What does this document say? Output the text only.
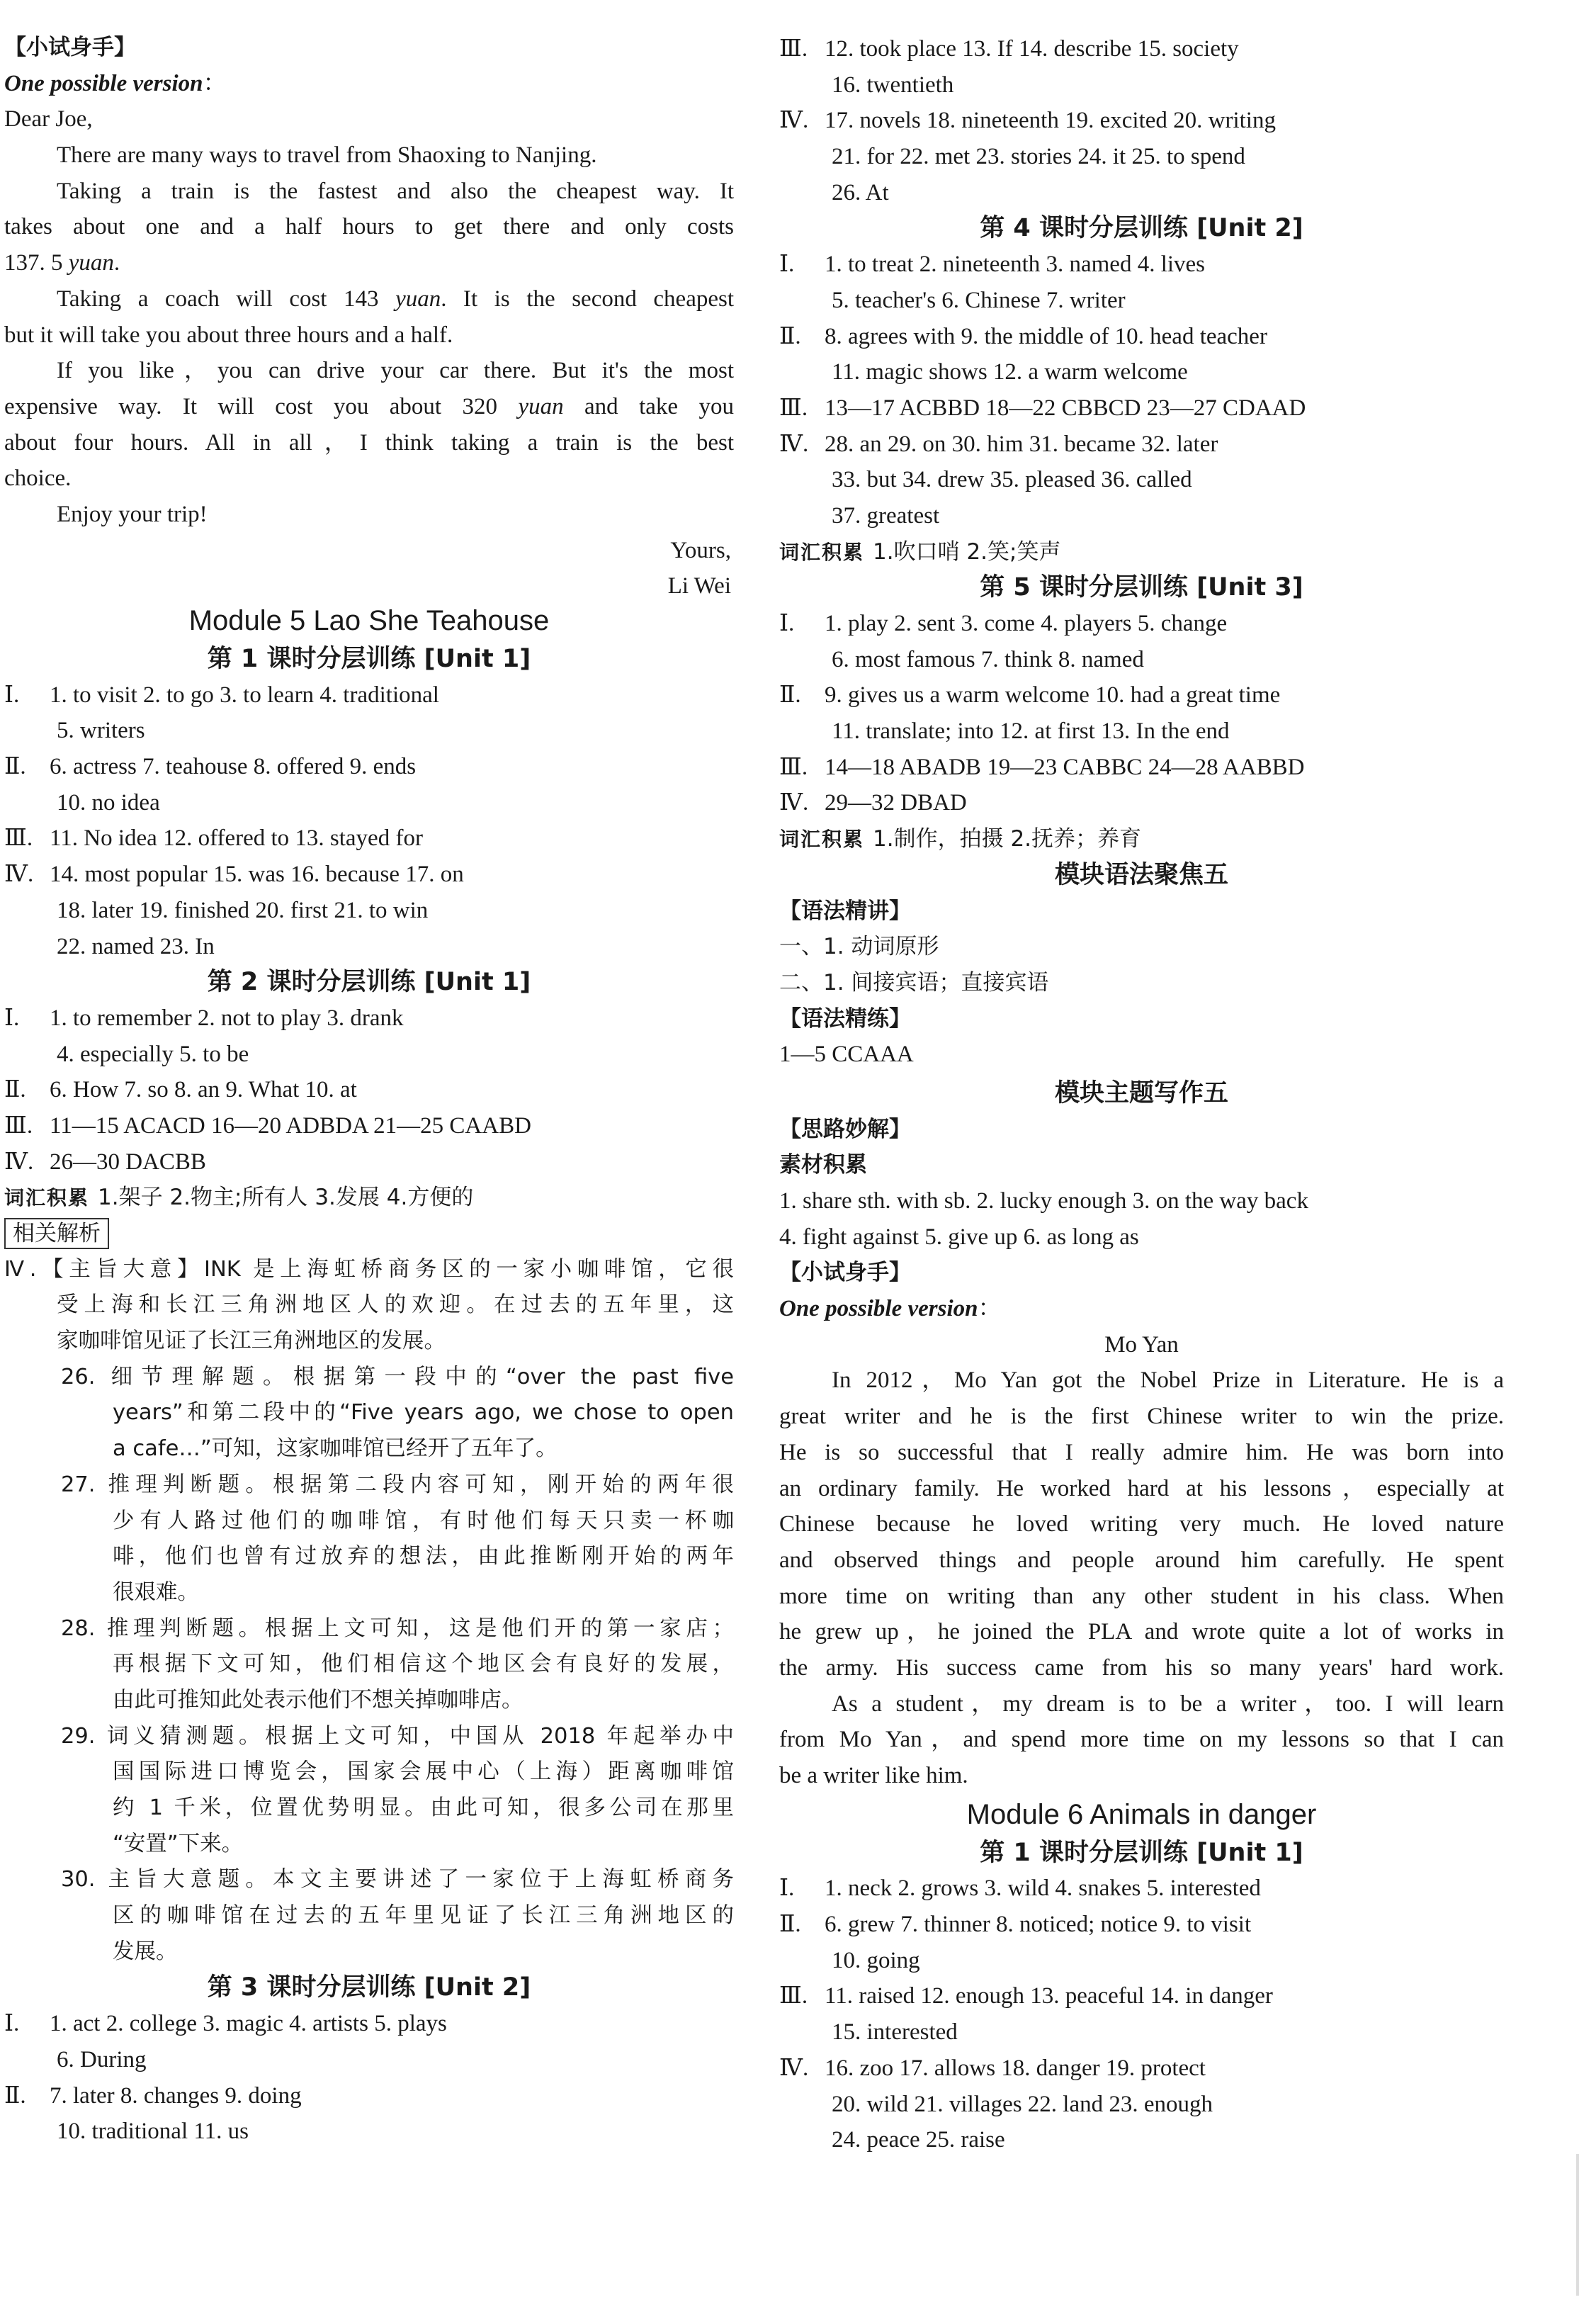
【小试身手】
One possible version：
Dear Joe,
There are many ways to travel from Shaoxing to Nanjing.
Taking a train is the fastest and also the cheapest way. It
takes about one and a half hours to get there and only costs
137. 5 yuan.
Taking a coach will cost 143 yuan. It is the second cheapest
but it will take you about three hours and a half.
If you like，you can drive your car there. But it's the most
expensive way. It will cost you about 320 yuan and take you
about four hours. All in all，I think taking a train is the best
choice.
Enjoy your trip!
Yours,
Li Wei
Module 5 Lao She Teahouse
第 1 课时分层训练 [Unit 1]
Ⅰ. 1. to visit 2. to go 3. to learn 4. traditional
5. writers
Ⅱ. 6. actress 7. teahouse 8. offered 9. ends
10. no idea
Ⅲ. 11. No idea 12. offered to 13. stayed for
Ⅳ. 14. most popular 15. was 16. because 17. on
18. later 19. finished 20. first 21. to win
22. named 23. In
第 2 课时分层训练 [Unit 1]
Ⅰ. 1. to remember 2. not to play 3. drank
4. especially 5. to be
Ⅱ. 6. How 7. so 8. an 9. What 10. at
Ⅲ. 11—15 ACACD 16—20 ADBDA 21—25 CAABD
Ⅳ. 26—30 DACBB
词汇积累 1.架子 2.物主;所有人 3.发展 4.方便的
相关解析
Ⅳ.【主旨大意】INK 是上海虹桥商务区的一家小咖啡馆，它很
受上海和长江三角洲地区人的欢迎。在过去的五年里，这
家咖啡馆见证了长江三角洲地区的发展。
26. 细节理解题。根据第一段中的“over the past five
years”和第二段中的“Five years ago, we chose to open
a cafe…”可知，这家咖啡馆已经开了五年了。
27. 推理判断题。根据第二段内容可知，刚开始的两年很
少有人路过他们的咖啡馆，有时他们每天只卖一杯咖
啡，他们也曾有过放弃的想法，由此推断刚开始的两年
很艰难。
28. 推理判断题。根据上文可知，这是他们开的第一家店；
再根据下文可知，他们相信这个地区会有良好的发展，
由此可推知此处表示他们不想关掉咖啡店。
29. 词义猜测题。根据上文可知，中国从 2018 年起举办中
国国际进口博览会，国家会展中心（上海）距离咖啡馆
约 1 千米，位置优势明显。由此可知，很多公司在那里
“安置”下来。
30. 主旨大意题。本文主要讲述了一家位于上海虹桥商务
区的咖啡馆在过去的五年里见证了长江三角洲地区的
发展。
第 3 课时分层训练 [Unit 2]
Ⅰ. 1. act 2. college 3. magic 4. artists 5. plays
6. During
Ⅱ. 7. later 8. changes 9. doing
10. traditional 11. us
Ⅲ. 12. took place 13. If 14. describe 15. society
16. twentieth
Ⅳ. 17. novels 18. nineteenth 19. excited 20. writing
21. for 22. met 23. stories 24. it 25. to spend
26. At
第 4 课时分层训练 [Unit 2]
Ⅰ. 1. to treat 2. nineteenth 3. named 4. lives
5. teacher's 6. Chinese 7. writer
Ⅱ. 8. agrees with 9. the middle of 10. head teacher
11. magic shows 12. a warm welcome
Ⅲ. 13—17 ACBBD 18—22 CBBCD 23—27 CDAAD
Ⅳ. 28. an 29. on 30. him 31. became 32. later
33. but 34. drew 35. pleased 36. called
37. greatest
词汇积累 1.吹口哨 2.笑;笑声
第 5 课时分层训练 [Unit 3]
Ⅰ. 1. play 2. sent 3. come 4. players 5. change
6. most famous 7. think 8. named
Ⅱ. 9. gives us a warm welcome 10. had a great time
11. translate; into 12. at first 13. In the end
Ⅲ. 14—18 ABADB 19—23 CABBC 24—28 AABBD
Ⅳ. 29—32 DBAD
词汇积累 1.制作，拍摄 2.抚养；养育
模块语法聚焦五
【语法精讲】
一、1. 动词原形
二、1. 间接宾语；直接宾语
【语法精练】
1—5 CCAAA
模块主题写作五
【思路妙解】
素材积累
1. share sth. with sb. 2. lucky enough 3. on the way back
4. fight against 5. give up 6. as long as
【小试身手】
One possible version：
Mo Yan
In 2012，Mo Yan got the Nobel Prize in Literature. He is a
great writer and he is the first Chinese writer to win the prize.
He is so successful that I really admire him. He was born into
an ordinary family. He worked hard at his lessons，especially at
Chinese because he loved writing very much. He loved nature
and observed things and people around him carefully. He spent
more time on writing than any other student in his class. When
he grew up，he joined the PLA and wrote quite a lot of works in
the army. His success came from his so many years' hard work.
As a student，my dream is to be a writer，too. I will learn
from Mo Yan，and spend more time on my lessons so that I can
be a writer like him.
Module 6 Animals in danger
第 1 课时分层训练 [Unit 1]
Ⅰ. 1. neck 2. grows 3. wild 4. snakes 5. interested
Ⅱ. 6. grew 7. thinner 8. noticed; notice 9. to visit
10. going
Ⅲ. 11. raised 12. enough 13. peaceful 14. in danger
15. interested
Ⅳ. 16. zoo 17. allows 18. danger 19. protect
20. wild 21. villages 22. land 23. enough
24. peace 25. raise
